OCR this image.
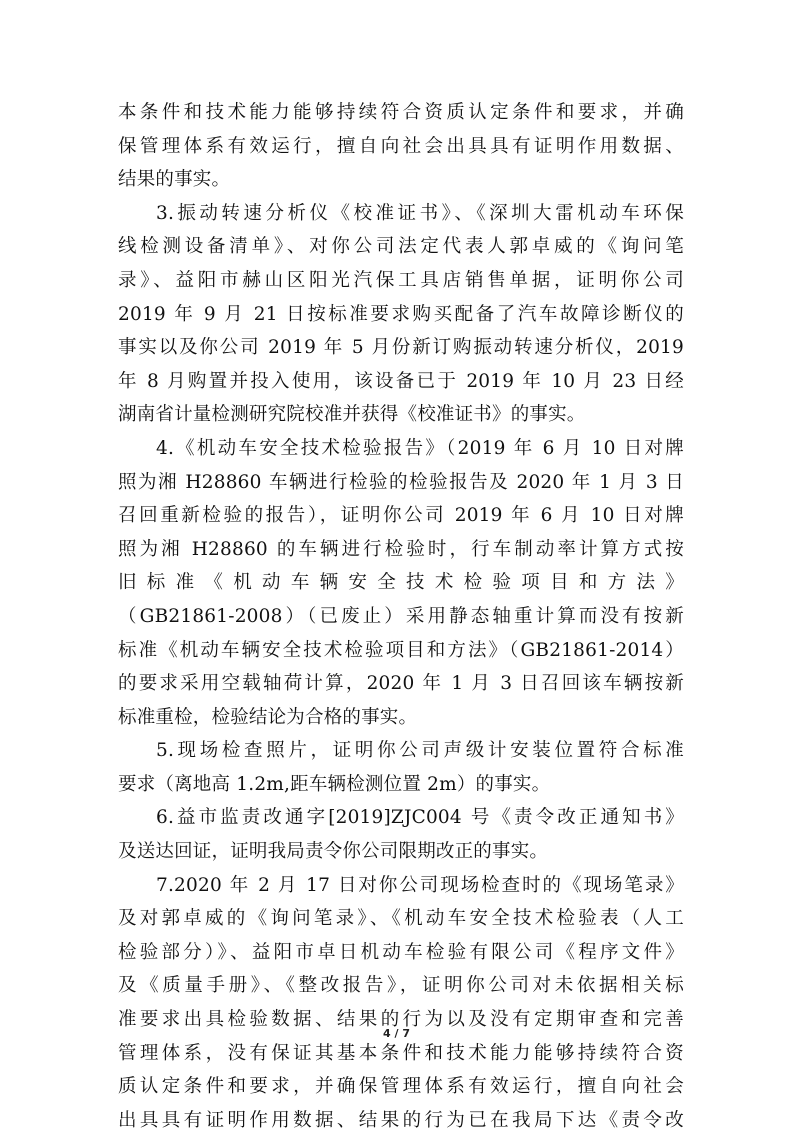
本条件和技术能力能够持续符合资质认定条件和要求，并确
保管理体系有效运行，擅自向社会出具具有证明作用数据、
结果的事实。
3.振动转速分析仪《校准证书》、《深圳大雷机动车环保
线检测设备清单》、对你公司法定代表人郭卓威的《询问笔
录》、益阳市赫山区阳光汽保工具店销售单据，证明你公司
2019 年 9 月 21 日按标准要求购买配备了汽车故障诊断仪的
事实以及你公司 2019 年 5 月份新订购振动转速分析仪，2019
年 8 月购置并投入使用，该设备已于 2019 年 10 月 23 日经
湖南省计量检测研究院校准并获得《校准证书》的事实。
4.《机动车安全技术检验报告》（2019 年 6 月 10 日对牌
照为湘 H28860 车辆进行检验的检验报告及 2020 年 1 月 3 日
召回重新检验的报告），证明你公司 2019 年 6 月 10 日对牌
照为湘 H28860 的车辆进行检验时，行车制动率计算方式按
旧标准《机动车辆安全技术检验项目和方法》
（GB21861-2008）（已废止）采用静态轴重计算而没有按新
标准《机动车辆安全技术检验项目和方法》（GB21861-2014）
的要求采用空载轴荷计算，2020 年 1 月 3 日召回该车辆按新
标准重检，检验结论为合格的事实。
5.现场检查照片，证明你公司声级计安装位置符合标准
要求（离地高 1.2m,距车辆检测位置 2m）的事实。
6.益市监责改通字[2019]ZJC004 号《责令改正通知书》
及送达回证，证明我局责令你公司限期改正的事实。
7.2020 年 2 月 17 日对你公司现场检查时的《现场笔录》
及对郭卓威的《询问笔录》、《机动车安全技术检验表（人工
检验部分）》、益阳市卓日机动车检验有限公司《程序文件》
及《质量手册》、《整改报告》，证明你公司对未依据相关标
准要求出具检验数据、结果的行为以及没有定期审查和完善
管理体系，没有保证其基本条件和技术能力能够持续符合资
质认定条件和要求，并确保管理体系有效运行，擅自向社会
出具具有证明作用数据、结果的行为已在我局下达《责令改
4 / 7
